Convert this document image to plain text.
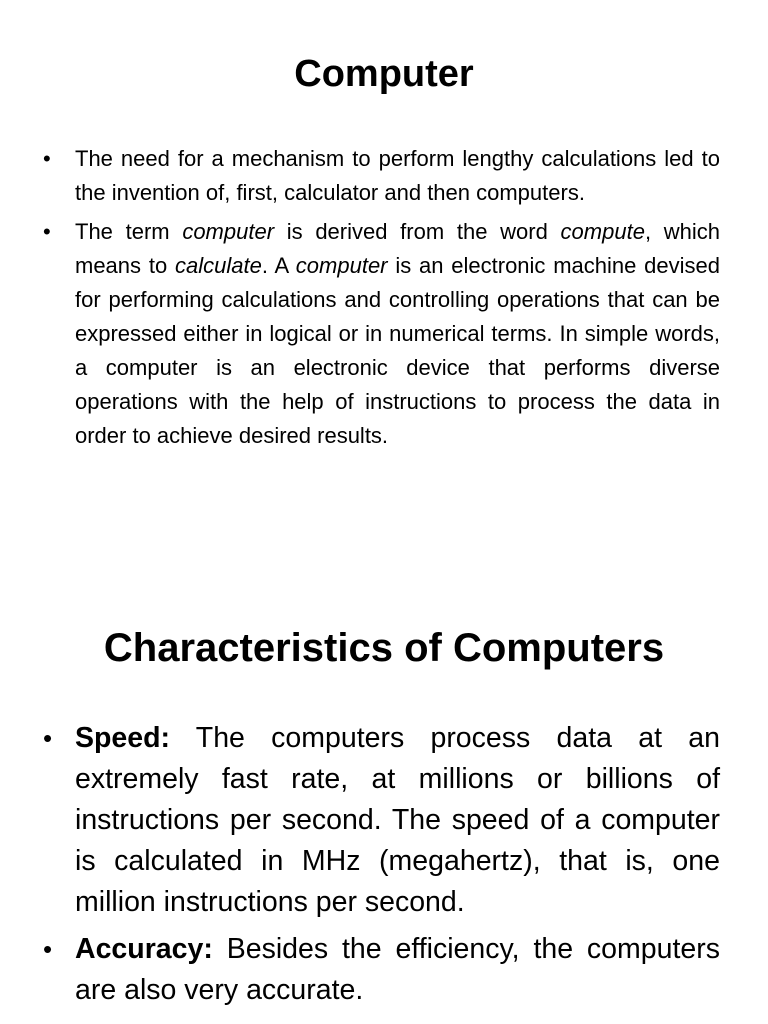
Computer
• The need for a mechanism to perform lengthy calculations led to the invention of, first, calculator and then computers.
• The term computer is derived from the word compute, which means to calculate. A computer is an electronic machine devised for performing calculations and controlling operations that can be expressed either in logical or in numerical terms. In simple words, a computer is an electronic device that performs diverse operations with the help of instructions to process the data in order to achieve desired results.
Characteristics of Computers
• Speed: The computers process data at an extremely fast rate, at millions or billions of instructions per second. The speed of a computer is calculated in MHz (megahertz), that is, one million instructions per second.
• Accuracy: Besides the efficiency, the computers are also very accurate.
